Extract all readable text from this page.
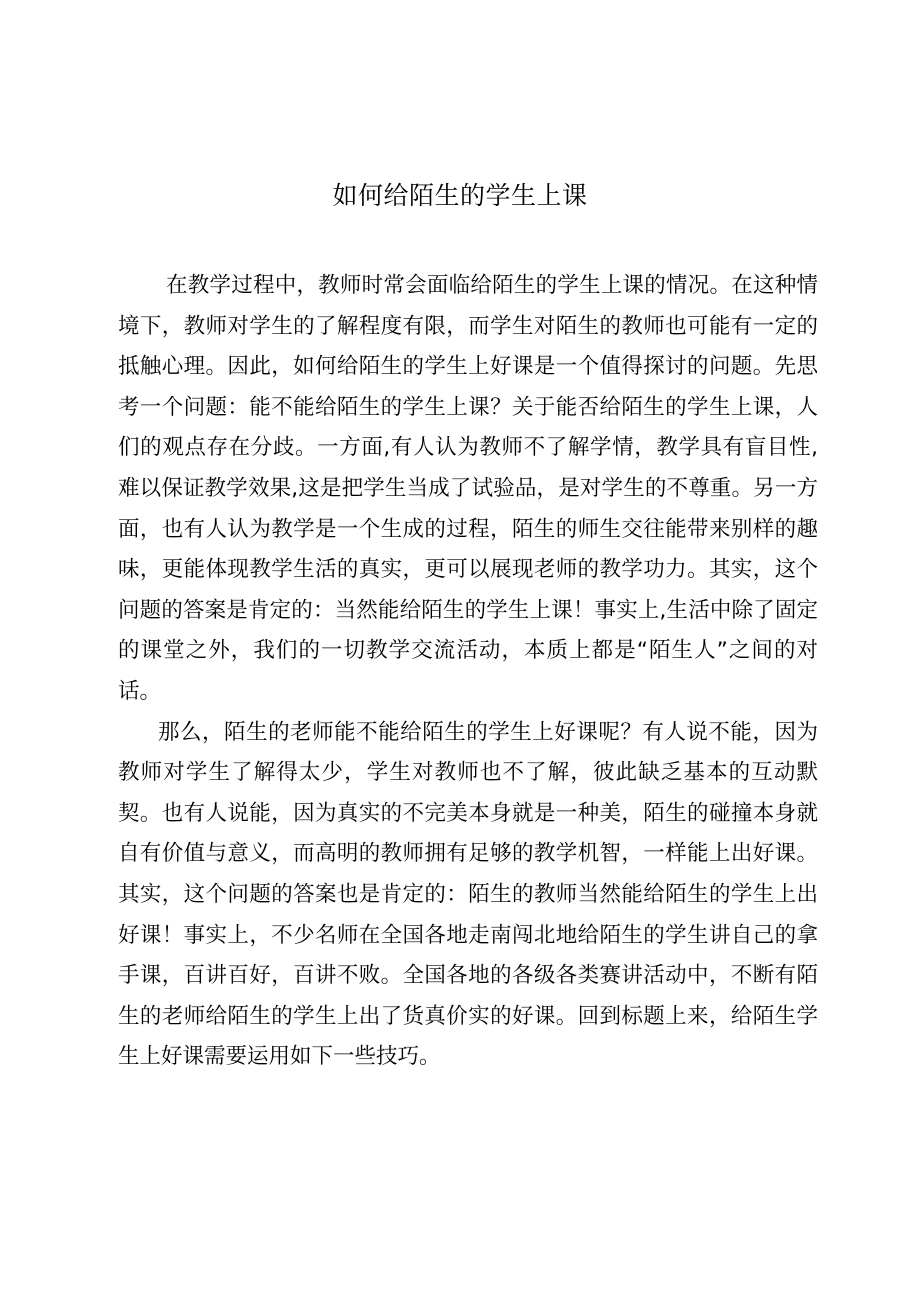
如何给陌生的学生上课

在教学过程中，教师时常会面临给陌生的学生上课的情况。在这种情境下，教师对学生的了解程度有限，而学生对陌生的教师也可能有一定的抵触心理。因此，如何给陌生的学生上好课是一个值得探讨的问题。先思考一个问题：能不能给陌生的学生上课？关于能否给陌生的学生上课，人们的观点存在分歧。一方面,有人认为教师不了解学情，教学具有盲目性,难以保证教学效果,这是把学生当成了试验品，是对学生的不尊重。另一方面，也有人认为教学是一个生成的过程，陌生的师生交往能带来别样的趣味，更能体现教学生活的真实，更可以展现老师的教学功力。其实，这个问题的答案是肯定的：当然能给陌生的学生上课！事实上,生活中除了固定的课堂之外，我们的一切教学交流活动，本质上都是“陌生人”之间的对话。

那么，陌生的老师能不能给陌生的学生上好课呢？有人说不能，因为教师对学生了解得太少，学生对教师也不了解，彼此缺乏基本的互动默契。也有人说能，因为真实的不完美本身就是一种美，陌生的碰撞本身就自有价值与意义，而高明的教师拥有足够的教学机智，一样能上出好课。其实，这个问题的答案也是肯定的：陌生的教师当然能给陌生的学生上出好课！事实上，不少名师在全国各地走南闯北地给陌生的学生讲自己的拿手课，百讲百好，百讲不败。全国各地的各级各类赛讲活动中，不断有陌生的老师给陌生的学生上出了货真价实的好课。回到标题上来，给陌生学生上好课需要运用如下一些技巧。
